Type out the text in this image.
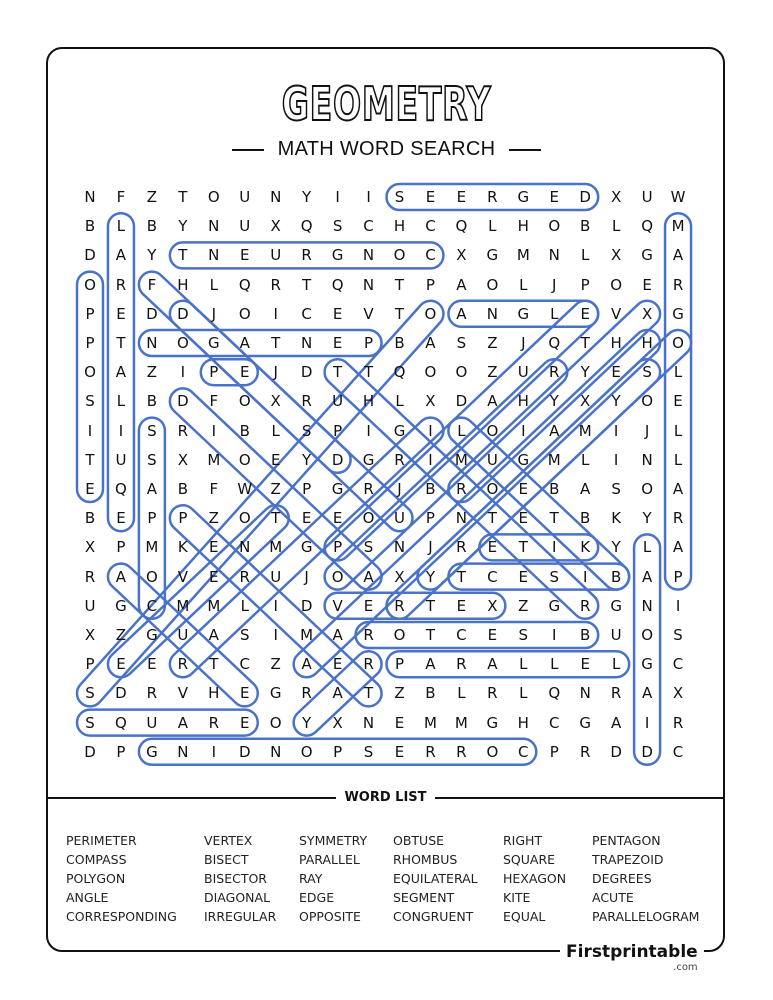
GEOMETRY
MATH WORD SEARCH
N	F	Z	T	O	U	N	Y	I	I	S	E	E	R	G	E	D	X	U	W
B	L	B	Y	N	U	X	Q	S	C	H	C	Q	L	H	O	B	L	Q	M
D	A	Y	T	N	E	U	R	G	N	O	C	X	G	M	N	L	X	G	A
O	R	F	H	L	Q	R	T	Q	N	T	P	A	O	L	J	P	O	E	R
P	E	D	D	J	O	I	C	E	V	T	O	A	N	G	L	E	V	X	G
P	T	N	O	G	A	T	N	E	P	B	A	S	Z	J	Q	T	H	H	O
O	A	Z	I	P	E	J	D	T	T	Q	O	O	Z	U	R	Y	E	S	L
S	L	B	D	F	O	X	R	U	H	L	X	D	A	H	Y	X	Y	O	E
I	I	S	R	I	B	L	S	P	I	G	I	L	O	I	A	M	I	J	L
T	U	S	X	M	O	E	Y	D	G	R	I	M	U	G	M	L	I	N	L
E	Q	A	B	F	W	Z	P	G	R	J	B	R	O	E	B	A	S	O	A
B	E	P	P	Z	O	T	E	E	O	U	P	N	T	E	T	B	K	Y	R
X	P	M	K	E	N	M	G	P	S	N	J	R	E	T	I	K	Y	L	A
R	A	O	V	E	R	U	J	O	A	X	Y	T	C	E	S	I	B	A	P
U	G	C	M	M	L	I	D	V	E	R	T	E	X	Z	G	R	G	N	I
X	Z	G	U	A	S	I	M	A	R	O	T	C	E	S	I	B	U	O	S
P	E	E	R	T	C	Z	A	E	R	P	A	R	A	L	L	E	L	G	C
S	D	R	V	H	E	G	R	A	T	Z	B	L	R	L	Q	N	R	A	X
S	Q	U	A	R	E	O	Y	X	N	E	M	M	G	H	C	G	A	I	R
D	P	G	N	I	D	N	O	P	S	E	R	R	O	C	P	R	D	D	C
WORD LIST
PERIMETER
COMPASS
POLYGON
ANGLE
CORRESPONDING
VERTEX
BISECT
BISECTOR
DIAGONAL
IRREGULAR
SYMMETRY
PARALLEL
RAY
EDGE
OPPOSITE
OBTUSE
RHOMBUS
EQUILATERAL
SEGMENT
CONGRUENT
RIGHT
SQUARE
HEXAGON
KITE
EQUAL
PENTAGON
TRAPEZOID
DEGREES
ACUTE
PARALLELOGRAM
Firstprintable
.com
